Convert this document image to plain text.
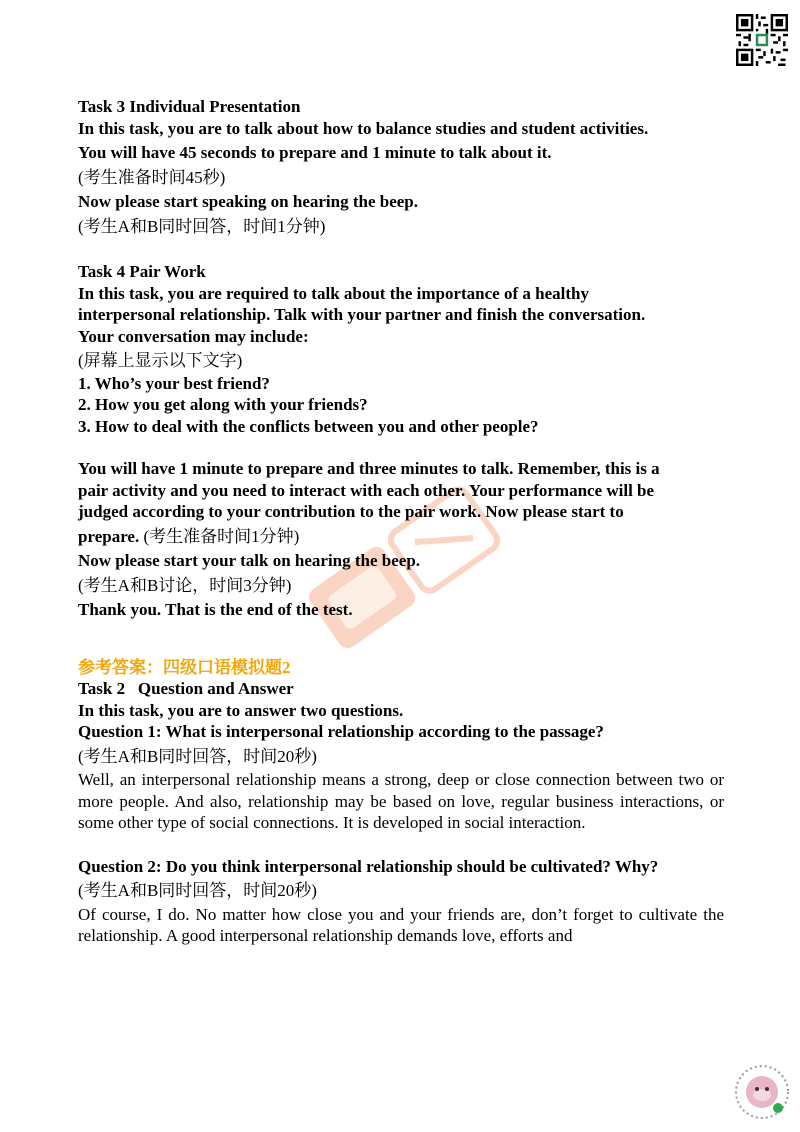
Task 3 Individual Presentation
In this task, you are to talk about how to balance studies and student activities.
You will have 45 seconds to prepare and 1 minute to talk about it.
(考生准备时间45秒)
Now please start speaking on hearing the beep.
(考生A和B同时回答，时间1分钟)
Task 4 Pair Work
In this task, you are required to talk about the importance of a healthy
interpersonal relationship. Talk with your partner and finish the conversation.
Your conversation may include:
(屏幕上显示以下文字)
1. Who’s your best friend?
2. How you get along with your friends?
3. How to deal with the conflicts between you and other people?
You will have 1 minute to prepare and three minutes to talk. Remember, this is a
pair activity and you need to interact with each other. Your performance will be
judged according to your contribution to the pair work. Now please start to
prepare. (考生准备时间1分钟)
Now please start your talk on hearing the beep.
(考生A和B讨论，时间3分钟)
Thank you. That is the end of the test.
参考答案：四级口语模拟题2
Task 2   Question and Answer
In this task, you are to answer two questions.
Question 1: What is interpersonal relationship according to the passage?
(考生A和B同时回答，时间20秒)
Well, an interpersonal relationship means a strong, deep or close connection between two or more people. And also, relationship may be based on love, regular business interactions, or some other type of social connections. It is developed in social interaction.
Question 2: Do you think interpersonal relationship should be cultivated? Why?
(考生A和B同时回答，时间20秒)
Of course, I do. No matter how close you and your friends are, don’t forget to cultivate the relationship. A good interpersonal relationship demands love, efforts and
